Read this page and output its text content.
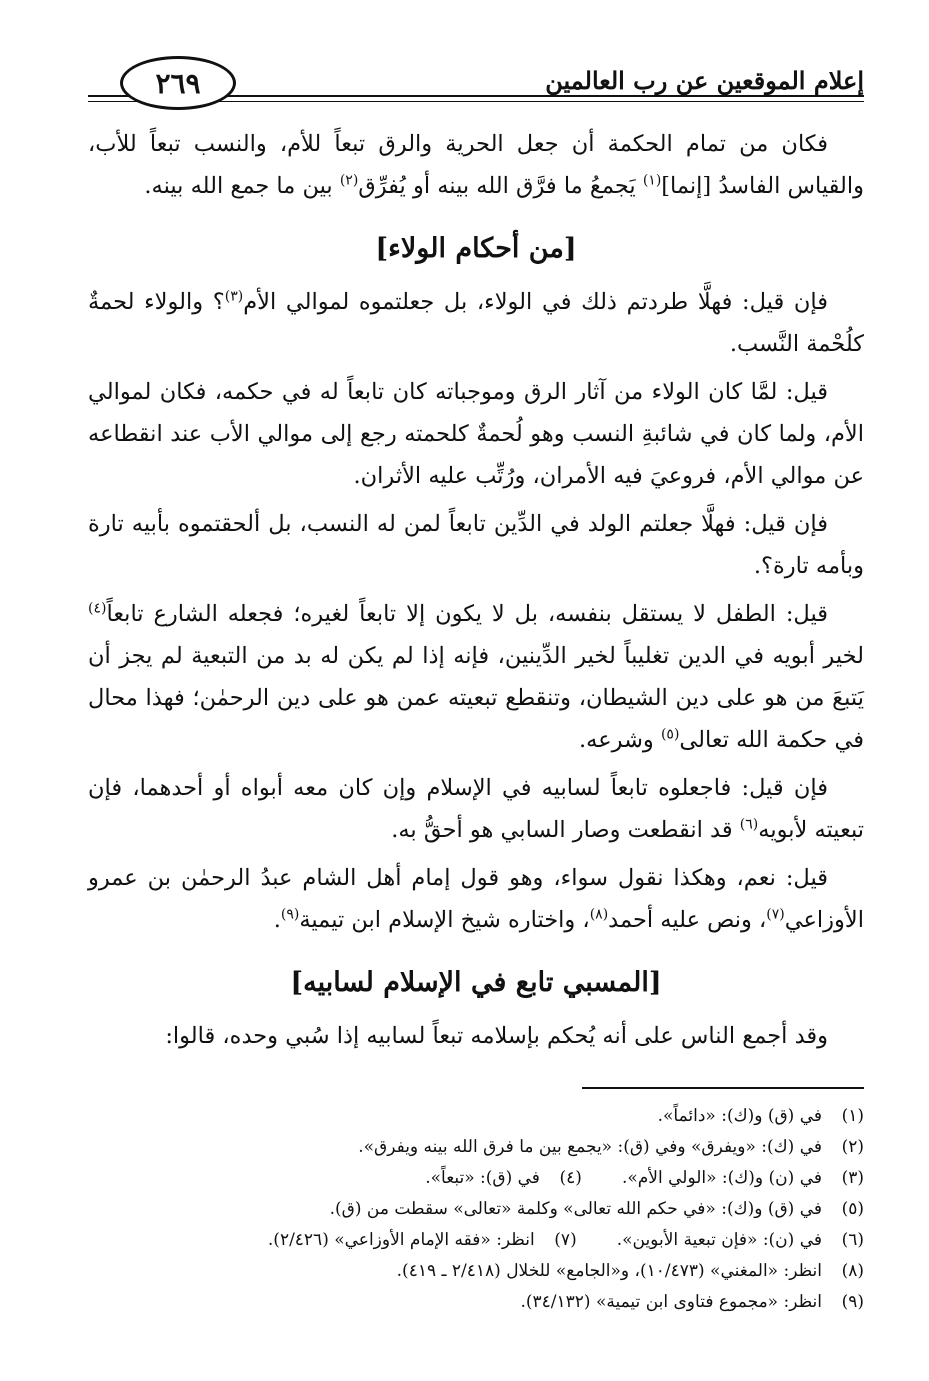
إعلام الموقعين عن رب العالمين
٢٦٩

فكان من تمام الحكمة أن جعل الحرية والرق تبعاً للأم، والنسب تبعاً للأب، والقياس الفاسدُ [إنما]$^{(١)}$ يَجمعُ ما فرَّق الله بينه أو يُفرِّق$^{(٢)}$ بين ما جمع الله بينه.

[من أحكام الولاء]

فإن قيل: فهلَّا طردتم ذلك في الولاء، بل جعلتموه لموالي الأم$^{(٣)}$؟ والولاء لحمةٌ كلُحْمة النَّسب.

قيل: لمَّا كان الولاء من آثار الرق وموجباته كان تابعاً له في حكمه، فكان لموالي الأم، ولما كان في شائبةِ النسب وهو لُحمةٌ كلحمته رجع إلى موالي الأب عند انقطاعه عن موالي الأم، فروعيَ فيه الأمران، ورُتِّب عليه الأثران.

فإن قيل: فهلَّا جعلتم الولد في الدِّين تابعاً لمن له النسب، بل ألحقتموه بأبيه تارة وبأمه تارة؟.

قيل: الطفل لا يستقل بنفسه، بل لا يكون إلا تابعاً لغيره؛ فجعله الشارع تابعاً$^{(٤)}$ لخير أبويه في الدين تغليباً لخير الدِّينين، فإنه إذا لم يكن له بد من التبعية لم يجز أن يَتبعَ من هو على دين الشيطان، وتنقطع تبعيته عمن هو على دين الرحمٰن؛ فهذا محال في حكمة الله تعالى$^{(٥)}$ وشرعه.

فإن قيل: فاجعلوه تابعاً لسابيه في الإسلام وإن كان معه أبواه أو أحدهما، فإن تبعيته لأبويه$^{(٦)}$ قد انقطعت وصار السابي هو أحقُّ به.

قيل: نعم، وهكذا نقول سواء، وهو قول إمام أهل الشام عبدُ الرحمٰن بن عمرو الأوزاعي$^{(٧)}$، ونص عليه أحمد$^{(٨)}$، واختاره شيخ الإسلام ابن تيمية$^{(٩)}$.

[المسبي تابع في الإسلام لسابيه]

وقد أجمع الناس على أنه يُحكم بإسلامه تبعاً لسابيه إذا سُبي وحده، قالوا:

(١)
في (ق) و(ك): «دائماً».
(٢)
في (ك): «ويفرق» وفي (ق): «يجمع بين ما فرق الله بينه ويفرق».
(٣)
في (ن) و(ك): «الولي الأم».
(٤)
في (ق): «تبعاً».
(٥)
في (ق) و(ك): «في حكم الله تعالى» وكلمة «تعالى» سقطت من (ق).
(٦)
في (ن): «فإن تبعية الأبوين».
(٧)
انظر: «فقه الإمام الأوزاعي» (٢/٤٢٦).
(٨)
انظر: «المغني» (١٠/٤٧٣)، و«الجامع» للخلال (٢/٤١٨ ـ ٤١٩).
(٩)
انظر: «مجموع فتاوى ابن تيمية» (٣٤/١٣٢).
